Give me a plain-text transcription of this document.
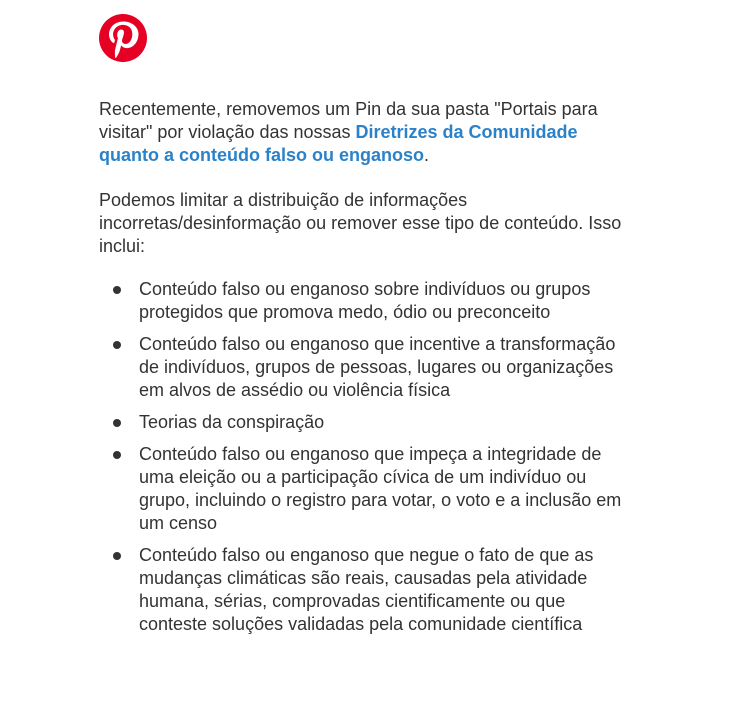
Recentemente, removemos um Pin da sua pasta "Portais para visitar" por violação das nossas Diretrizes da Comunidade quanto a conteúdo falso ou enganoso.

Podemos limitar a distribuição de informações incorretas/desinformação ou remover esse tipo de conteúdo. Isso inclui:

Conteúdo falso ou enganoso sobre indivíduos ou grupos protegidos que promova medo, ódio ou preconceito
Conteúdo falso ou enganoso que incentive a transformação de indivíduos, grupos de pessoas, lugares ou organizações em alvos de assédio ou violência física
Teorias da conspiração
Conteúdo falso ou enganoso que impeça a integridade de uma eleição ou a participação cívica de um indivíduo ou grupo, incluindo o registro para votar, o voto e a inclusão em um censo
Conteúdo falso ou enganoso que negue o fato de que as mudanças climáticas são reais, causadas pela atividade humana, sérias, comprovadas cientificamente ou que conteste soluções validadas pela comunidade científica
